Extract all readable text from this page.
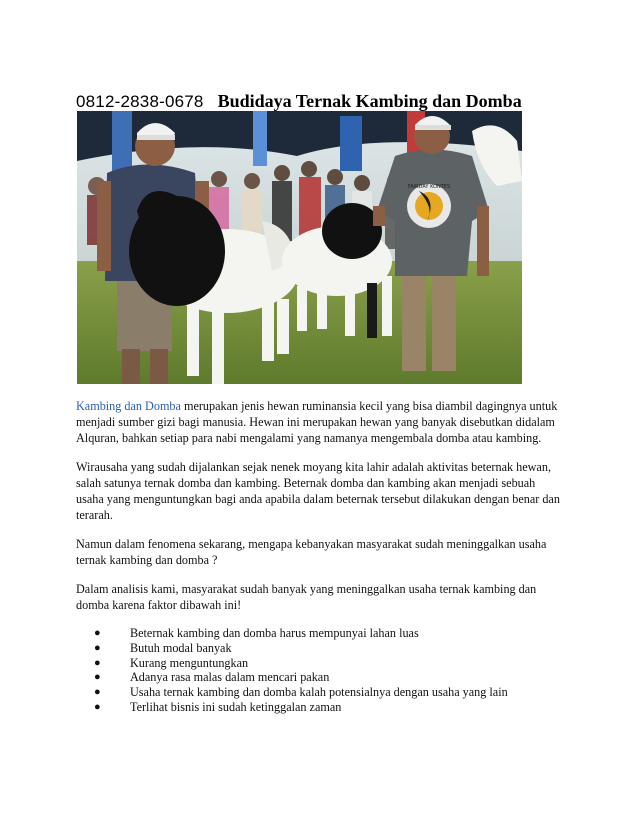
0812-2838-0678 Budidaya Ternak Kambing dan Domba
FAIRDAY KONTES

Kambing dan Domba merupakan jenis hewan ruminansia kecil yang bisa diambil dagingnya untuk menjadi sumber gizi bagi manusia. Hewan ini merupakan hewan yang banyak disebutkan didalam Alquran, bahkan setiap para nabi mengalami yang namanya mengembala domba atau kambing.

Wirausaha yang sudah dijalankan sejak nenek moyang kita lahir adalah aktivitas beternak hewan, salah satunya ternak domba dan kambing. Beternak domba dan kambing akan menjadi sebuah usaha yang menguntungkan bagi anda apabila dalam beternak tersebut dilakukan dengan benar dan terarah.

Namun dalam fenomena sekarang, mengapa kebanyakan masyarakat sudah meninggalkan usaha ternak kambing dan domba ?

Dalam analisis kami, masyarakat sudah banyak yang meninggalkan usaha ternak kambing dan domba karena faktor dibawah ini!

● Beternak kambing dan domba harus mempunyai lahan luas
● Butuh modal banyak
● Kurang menguntungkan
● Adanya rasa malas dalam mencari pakan
● Usaha ternak kambing dan domba kalah potensialnya dengan usaha yang lain
● Terlihat bisnis ini sudah ketinggalan zaman
